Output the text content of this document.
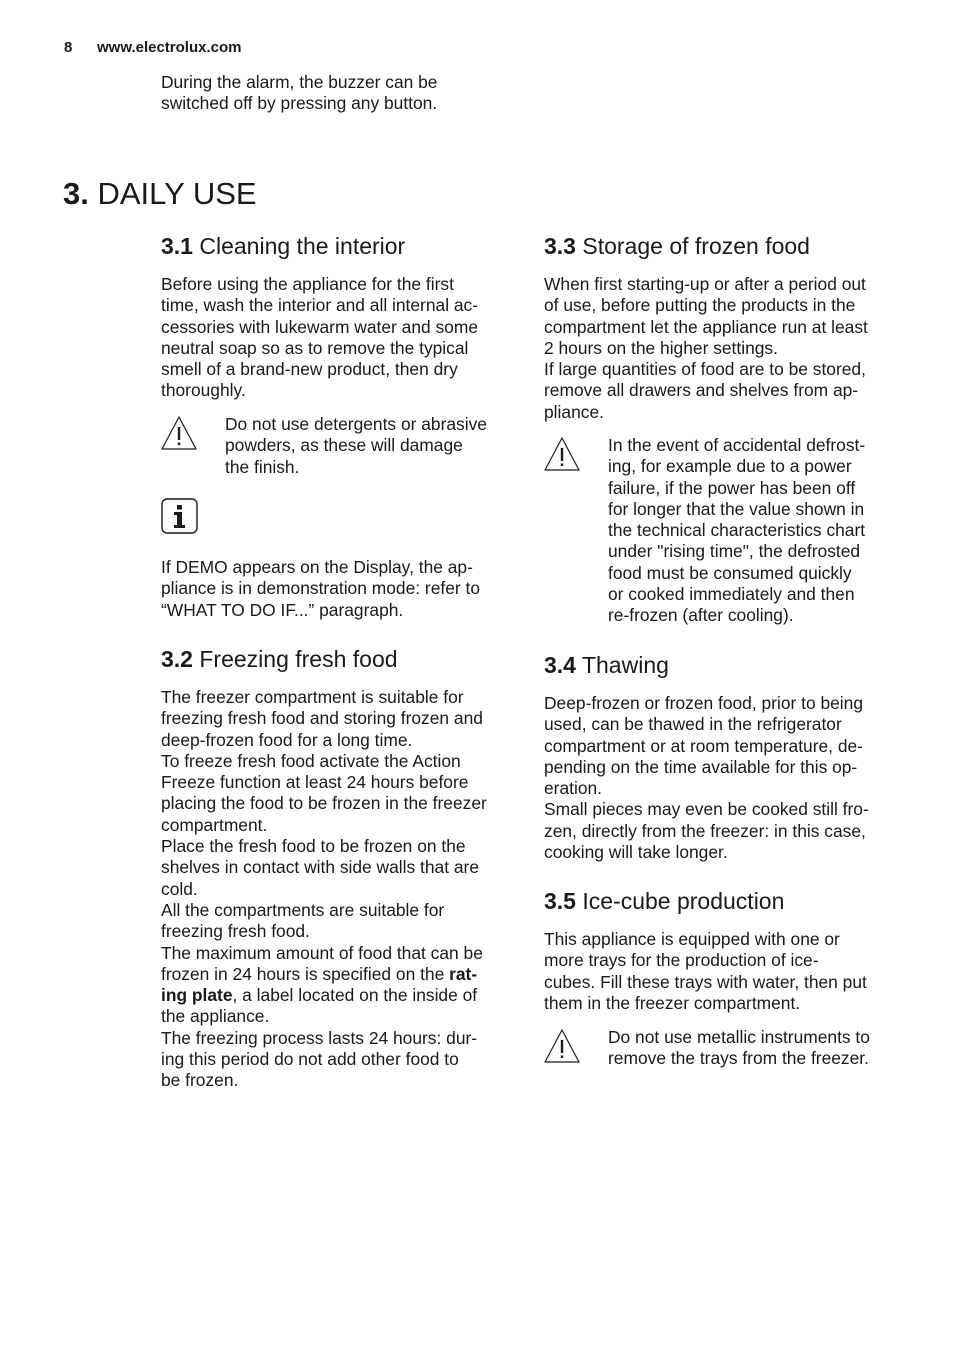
8 www.electrolux.com

During the alarm, the buzzer can be

switched off by pressing any button.

3. DAILY USE
3.1 Cleaning the interior

Before using the appliance for the first

time, wash the interior and all internal ac-

cessories with lukewarm water and some

neutral soap so as to remove the typical

smell of a brand-new product, then dry

thoroughly.

Do not use detergents or abrasive

powders, as these will damage

the finish.

If DEMO appears on the Display, the ap-

pliance is in demonstration mode: refer to

“WHAT TO DO IF...” paragraph.

3.2 Freezing fresh food

The freezer compartment is suitable for

freezing fresh food and storing frozen and

deep-frozen food for a long time.

To freeze fresh food activate the Action

Freeze function at least 24 hours before

placing the food to be frozen in the freezer

compartment.

Place the fresh food to be frozen on the

shelves in contact with side walls that are

cold.

All the compartments are suitable for

freezing fresh food.

The maximum amount of food that can be

frozen in 24 hours is specified on the rat-

ing plate, a label located on the inside of

the appliance.

The freezing process lasts 24 hours: dur-

ing this period do not add other food to

be frozen.

3.3 Storage of frozen food

When first starting-up or after a period out

of use, before putting the products in the

compartment let the appliance run at least

2 hours on the higher settings.

If large quantities of food are to be stored,

remove all drawers and shelves from ap-

pliance.

In the event of accidental defrost-

ing, for example due to a power

failure, if the power has been off

for longer that the value shown in

the technical characteristics chart

under "rising time", the defrosted

food must be consumed quickly

or cooked immediately and then

re-frozen (after cooling).

3.4 Thawing

Deep-frozen or frozen food, prior to being

used, can be thawed in the refrigerator

compartment or at room temperature, de-

pending on the time available for this op-

eration.

Small pieces may even be cooked still fro-

zen, directly from the freezer: in this case,

cooking will take longer.

3.5 Ice-cube production

This appliance is equipped with one or

more trays for the production of ice-

cubes. Fill these trays with water, then put

them in the freezer compartment.

Do not use metallic instruments to

remove the trays from the freezer.
